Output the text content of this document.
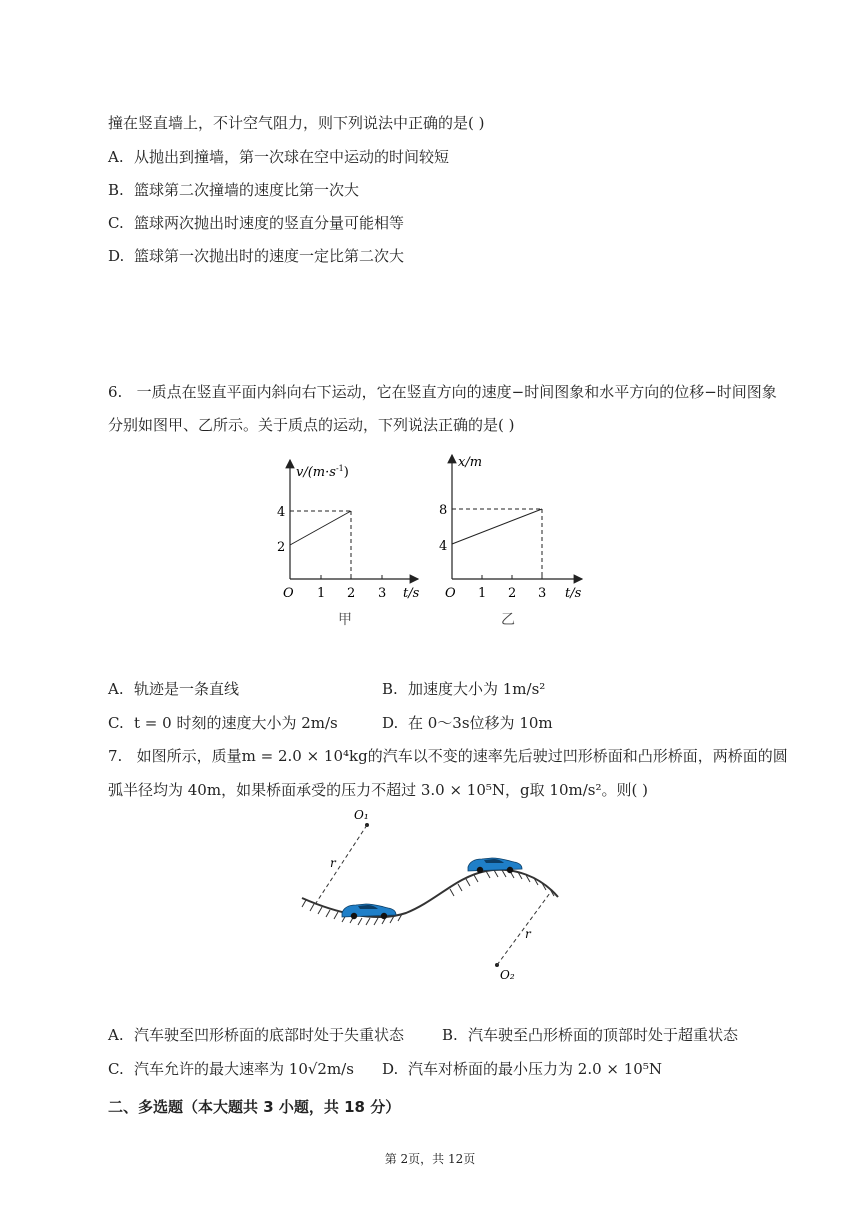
撞在竖直墙上，不计空气阻力，则下列说法中正确的是( )
A. 从抛出到撞墙，第一次球在空中运动的时间较短
B. 篮球第二次撞墙的速度比第一次大
C. 篮球两次抛出时速度的竖直分量可能相等
D. 篮球第一次抛出时的速度一定比第二次大
6. 一质点在竖直平面内斜向右下运动，它在竖直方向的速度−时间图象和水平方向的位移−时间图象
分别如图甲、乙所示。关于质点的运动，下列说法正确的是( )
$v/(m\cdot s^{-1})$
4
2
O 1 2 3 t/s
甲
x/m
8
4
O 1 2 3 t/s
乙
A. 轨迹是一条直线	B. 加速度大小为 1m/s²
C. t = 0 时刻的速度大小为 2m/s	D. 在 0～3s位移为 10m
7. 如图所示，质量m = 2.0 × 10⁴kg的汽车以不变的速率先后驶过凹形桥面和凸形桥面，两桥面的圆
弧半径均为 40m，如果桥面承受的压力不超过 3.0 × 10⁵N，g取 10m/s²。则( )
O₁
r
O₂
r
A. 汽车驶至凹形桥面的底部时处于失重状态	B. 汽车驶至凸形桥面的顶部时处于超重状态
C. 汽车允许的最大速率为 10√2m/s D. 汽车对桥面的最小压力为 2.0 × 10⁵N
二、多选题（本大题共 3 小题，共 18 分）
第 2页，共 12页
